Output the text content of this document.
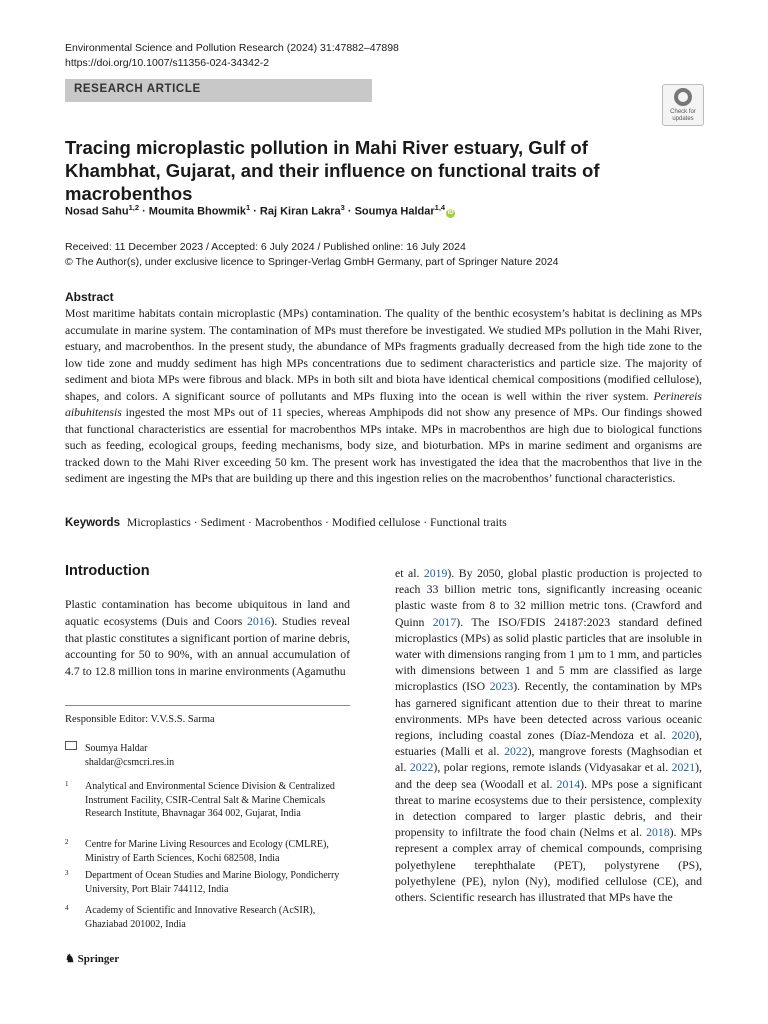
Environmental Science and Pollution Research (2024) 31:47882–47898
https://doi.org/10.1007/s11356-024-34342-2
RESEARCH ARTICLE
Check for
updates
Tracing microplastic pollution in Mahi River estuary, Gulf of Khambhat, Gujarat, and their influence on functional traits of macrobenthos
Nosad Sahu$^{1,2}$ · Moumita Bhowmik$^1$ · Raj Kiran Lakra$^3$ · Soumya Haldar$^{1,4}$iD
Received: 11 December 2023 / Accepted: 6 July 2024 / Published online: 16 July 2024
© The Author(s), under exclusive licence to Springer-Verlag GmbH Germany, part of Springer Nature 2024
Abstract
Most maritime habitats contain microplastic (MPs) contamination. The quality of the benthic ecosystem’s habitat is declining as MPs accumulate in marine system. The contamination of MPs must therefore be investigated. We studied MPs pollution in the Mahi River, estuary, and macrobenthos. In the present study, the abundance of MPs fragments gradually decreased from the high tide zone to the low tide zone and muddy sediment has high MPs concentrations due to sediment characteristics and particle size. The majority of sediment and biota MPs were fibrous and black. MPs in both silt and biota have identical chemical compositions (modified cellulose), shapes, and colors. A significant source of pollutants and MPs fluxing into the ocean is well within the river system. Perinereis aibuhitensis ingested the most MPs out of 11 species, whereas Amphipods did not show any presence of MPs. Our findings showed that functional characteristics are essential for macrobenthos MPs intake. MPs in macrobenthos are high due to biological functions such as feeding, ecological groups, feeding mechanisms, body size, and bioturbation. MPs in marine sediment and organisms are tracked down to the Mahi River exceeding 50 km. The present work has investigated the idea that the macrobenthos that live in the sediment are ingesting the MPs that are building up there and this ingestion relies on the macrobenthos’ functional characteristics.
Keywords Microplastics · Sediment · Macrobenthos · Modified cellulose · Functional traits
Introduction
Plastic contamination has become ubiquitous in land and aquatic ecosystems (Duis and Coors 2016). Studies reveal that plastic constitutes a significant portion of marine debris, accounting for 50 to 90%, with an annual accumulation of 4.7 to 12.8 million tons in marine environments (Agamuthu
Responsible Editor: V.V.S.S. Sarma
Soumya Haldar
shaldar@csmcri.res.in
1 Analytical and Environmental Science Division & Centralized Instrument Facility, CSIR-Central Salt & Marine Chemicals Research Institute, Bhavnagar 364 002, Gujarat, India
2 Centre for Marine Living Resources and Ecology (CMLRE), Ministry of Earth Sciences, Kochi 682508, India
3 Department of Ocean Studies and Marine Biology, Pondicherry University, Port Blair 744112, India
4 Academy of Scientific and Innovative Research (AcSIR), Ghaziabad 201002, India
♞ Springer
et al. 2019). By 2050, global plastic production is projected to reach 33 billion metric tons, significantly increasing oceanic plastic waste from 8 to 32 million metric tons. (Crawford and Quinn 2017). The ISO/FDIS 24187:2023 standard defined microplastics (MPs) as solid plastic particles that are insoluble in water with dimensions ranging from 1 µm to 1 mm, and particles with dimensions between 1 and 5 mm are classified as large microplastics (ISO 2023). Recently, the contamination by MPs has garnered significant attention due to their threat to marine environments. MPs have been detected across various oceanic regions, including coastal zones (Díaz-Mendoza et al. 2020), estuaries (Malli et al. 2022), mangrove forests (Maghsodian et al. 2022), polar regions, remote islands (Vidyasakar et al. 2021), and the deep sea (Woodall et al. 2014). MPs pose a significant threat to marine ecosystems due to their persistence, complexity in detection compared to larger plastic debris, and their propensity to infiltrate the food chain (Nelms et al. 2018). MPs represent a complex array of chemical compounds, comprising polyethylene terephthalate (PET), polystyrene (PS), polyethylene (PE), nylon (Ny), modified cellulose (CE), and others. Scientific research has illustrated that MPs have the
